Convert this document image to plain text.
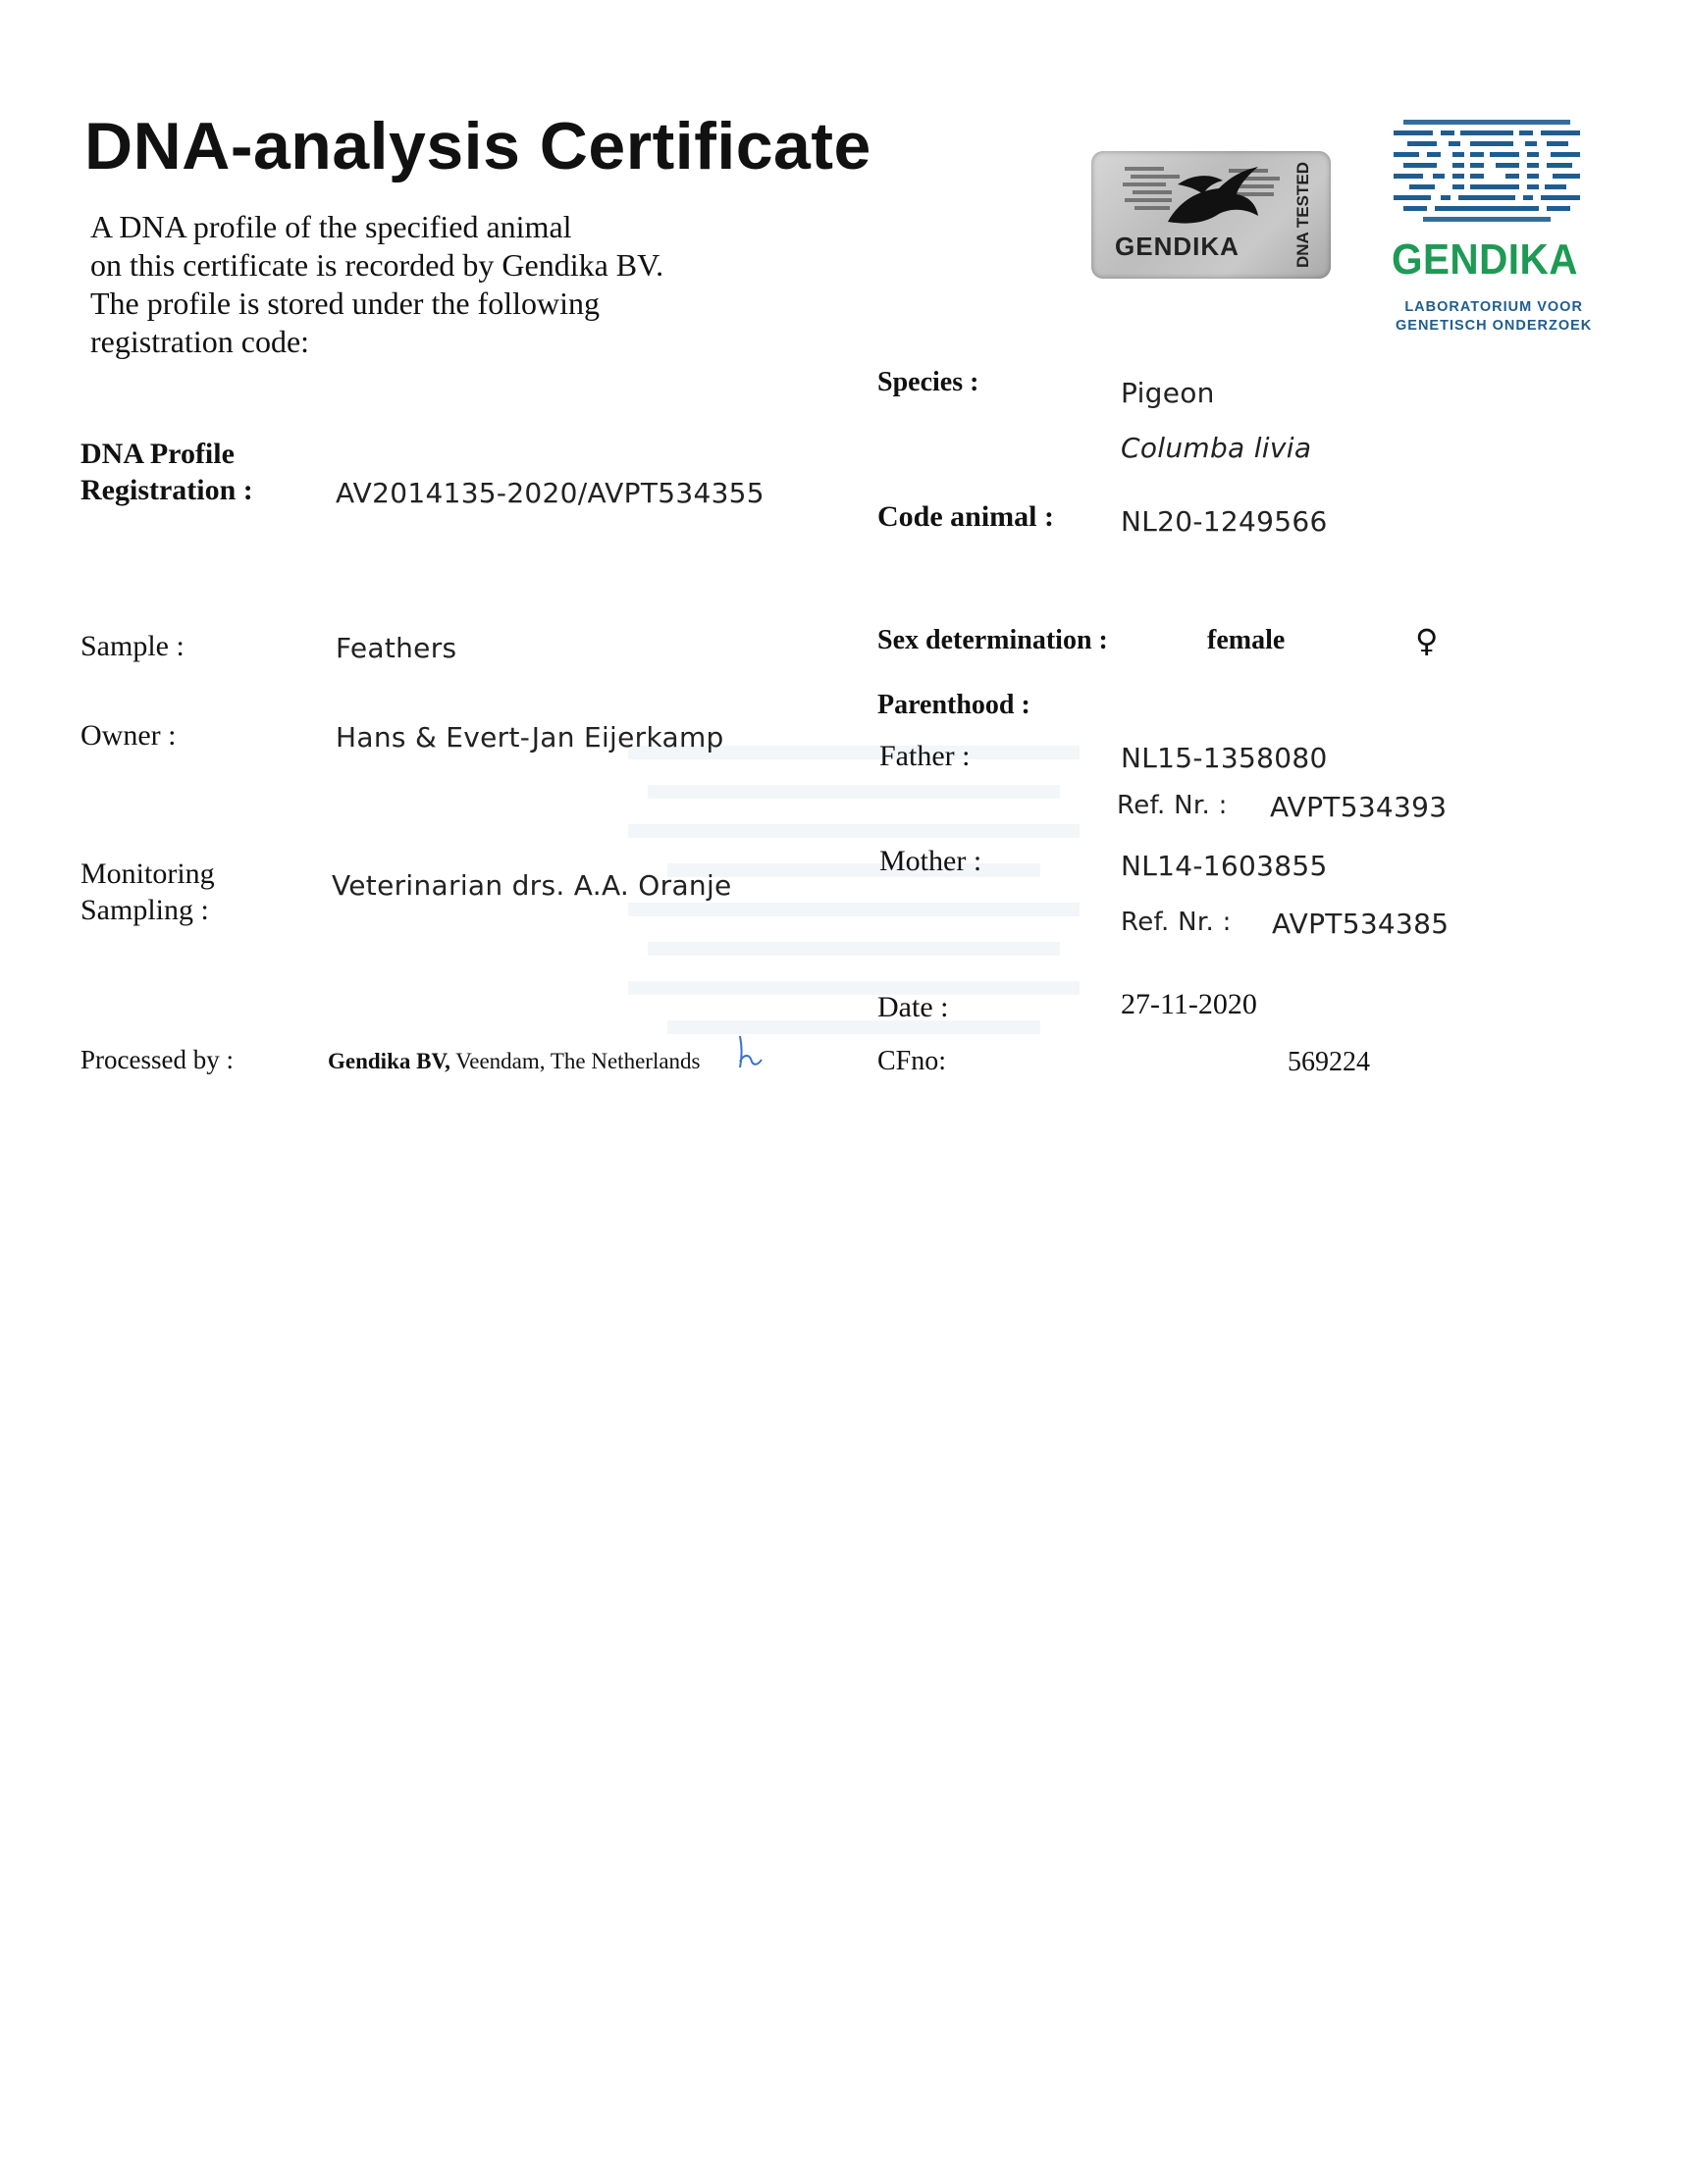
DNA-analysis Certificate
A DNA profile of the specified animal
on this certificate is recorded by Gendika BV.
The profile is stored under the following
registration code:
GENDIKA	DNA TESTED GENDIKA
LABORATORIUM VOOR
GENETISCH ONDERZOEK
DNA Profile
Registration :	AV2014135-2020/AVPT534355
Sample :	Feathers
Owner :	Hans & Evert-Jan Eijerkamp
Monitoring
Sampling :
Veterinarian drs. A.A. Oranje
Processed by :	Gendika BV, Veendam, The Netherlands
Species :	Pigeon
Columba livia
Code animal : NL20-1249566
Sex determination :	female	♀
Parenthood :
Father :	NL15-1358080
Ref. Nr. : AVPT534393
Mother :	NL14-1603855
Ref. Nr. : AVPT534385
Date :	27-11-2020
CFno:	569224
